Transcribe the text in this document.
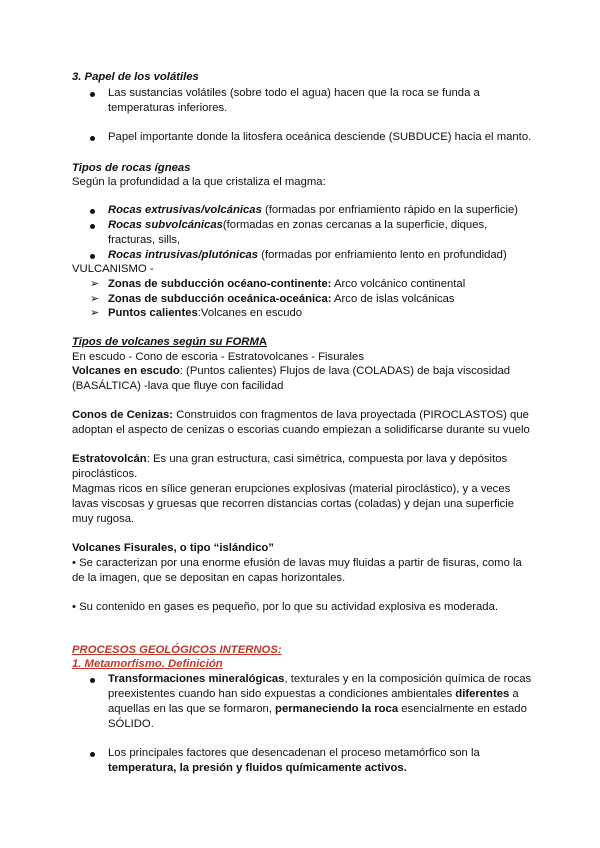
3. Papel de los volátiles
Las sustancias volátiles (sobre todo el agua) hacen que la roca se funda a
temperaturas inferiores.
Papel importante donde la litosfera oceánica desciende (SUBDUCE) hacia el manto.
Tipos de rocas ígneas
Según la profundidad a la que cristaliza el magma:
Rocas extrusivas/volcánicas (formadas por enfriamiento rápido en la superficie)
Rocas subvolcánicas(formadas en zonas cercanas a la superficie, diques,
fracturas, sills,
Rocas intrusivas/plutónicas (formadas por enfriamiento lento en profundidad)
VULCANISMO -
➢ Zonas de subducción océano-continente: Arco volcánico continental
➢ Zonas de subducción oceánica-oceánica: Arco de islas volcánicas
➢ Puntos calientes:Volcanes en escudo
Tipos de volcanes según su FORMA
En escudo - Cono de escoria - Estratovolcanes - Fisurales
Volcanes en escudo: (Puntos calientes) Flujos de lava (COLADAS) de baja viscosidad
(BASÁLTICA) -lava que fluye con facilidad
Conos de Cenizas: Construidos con fragmentos de lava proyectada (PIROCLASTOS) que
adoptan el aspecto de cenizas o escorias cuando empiezan a solidificarse durante su vuelo
Estratovolcán: Es una gran estructura, casi simétrica, compuesta por lava y depósitos
piroclásticos.
Magmas ricos en sílice generan erupciones explosivas (material piroclástico), y a veces
lavas viscosas y gruesas que recorren distancias cortas (coladas) y dejan una superficie
muy rugosa.
Volcanes Fisurales, o tipo “islándico”
• Se caracterizan por una enorme efusión de lavas muy fluidas a partir de fisuras, como la
de la imagen, que se depositan en capas horizontales.
• Su contenido en gases es pequeño, por lo que su actividad explosiva es moderada.
PROCESOS GEOLÓGICOS INTERNOS:
1. Metamorfismo. Definición
Transformaciones mineralógicas, texturales y en la composición química de rocas
preexistentes cuando han sido expuestas a condiciones ambientales diferentes a
aquellas en las que se formaron, permaneciendo la roca esencialmente en estado
SÓLIDO.
Los principales factores que desencadenan el proceso metamórfico son la
temperatura, la presión y fluidos químicamente activos.
